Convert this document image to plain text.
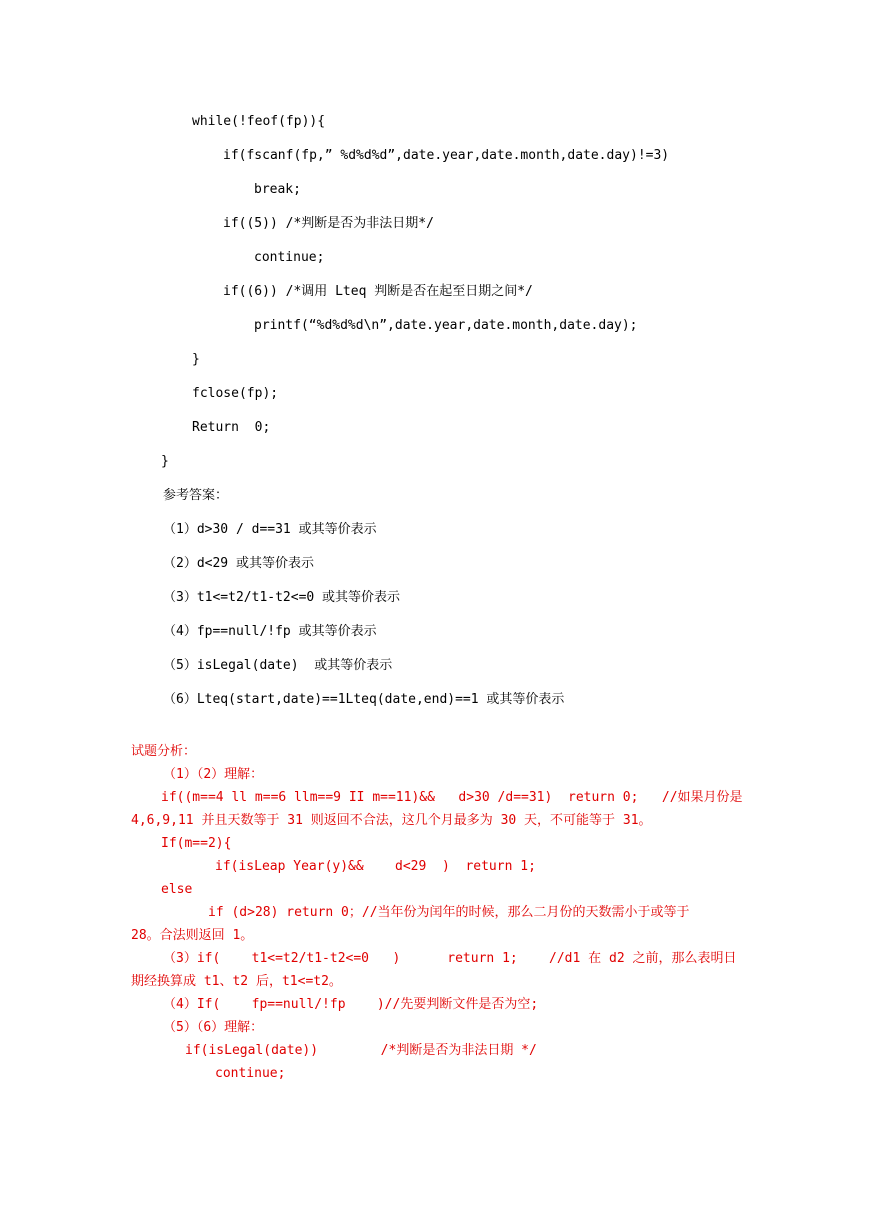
while(!feof(fp)){
if(fscanf(fp,” %d%d%d”,date.year,date.month,date.day)!=3)
break;
if((5)) /*判断是否为非法日期*/
continue;
if((6)) /*调用 Lteq 判断是否在起至日期之间*/
printf(“%d%d%d\n”,date.year,date.month,date.day);
}
fclose(fp);
Return  0;
}
参考答案：
（1）d>30 / d==31 或其等价表示
（2）d<29 或其等价表示
（3）t1<=t2/t1-t2<=0 或其等价表示
（4）fp==null/!fp 或其等价表示
（5）isLegal(date)  或其等价表示
（6）Lteq(start,date)==1Lteq(date,end)==1 或其等价表示
试题分析：
（1）（2）理解：
if((m==4 ll m==6 llm==9 II m==11)&&   d>30 /d==31)  return 0;   //如果月份是
4,6,9,11 并且天数等于 31 则返回不合法，这几个月最多为 30 天，不可能等于 31。
If(m==2){
if(isLeap Year(y)&&    d<29  )  return 1;
else
if (d>28) return 0；//当年份为闰年的时候，那么二月份的天数需小于或等于
28。合法则返回 1。
（3）if(    t1<=t2/t1-t2<=0   )      return 1;    //d1 在 d2 之前，那么表明日
期经换算成 t1、t2 后，t1<=t2。
（4）If(    fp==null/!fp    )//先要判断文件是否为空;
（5）（6）理解：
if(isLegal(date))        /*判断是否为非法日期 */
continue;
